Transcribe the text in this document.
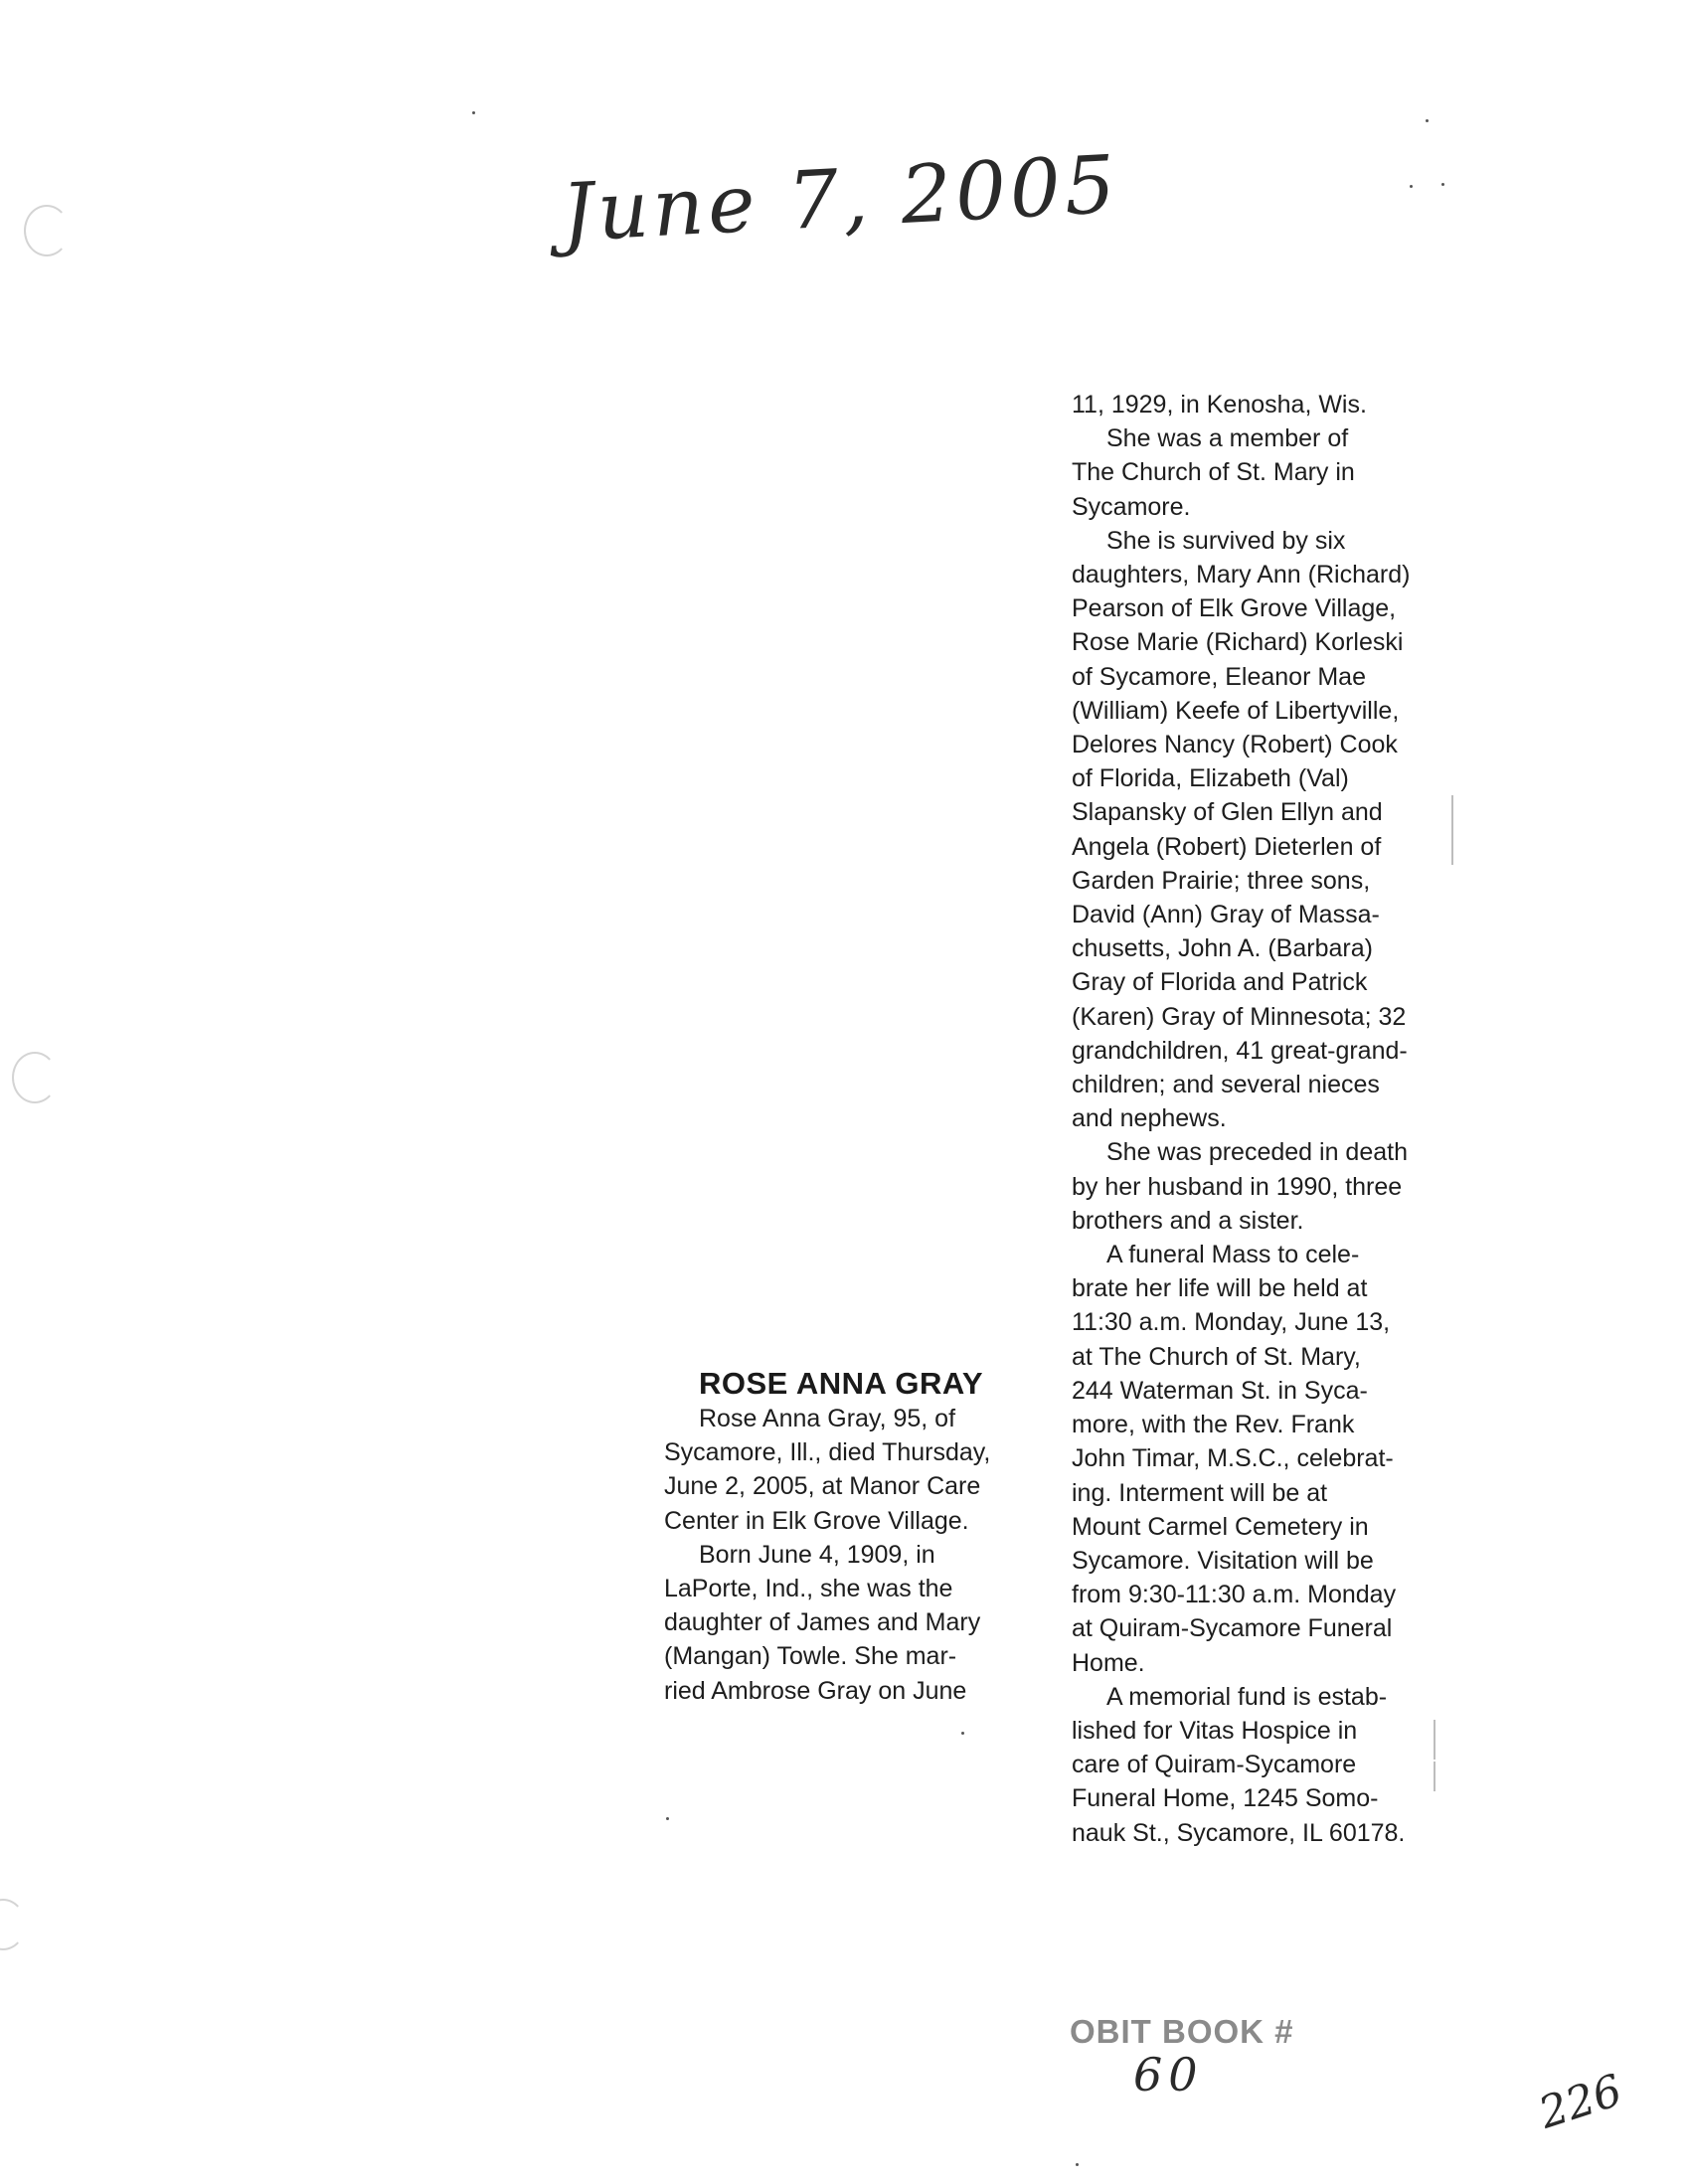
June 7, 2005
ROSE ANNA GRAY

Rose Anna Gray, 95, of

Sycamore, Ill., died Thursday,

June 2, 2005, at Manor Care

Center in Elk Grove Village.

Born June 4, 1909, in

LaPorte, Ind., she was the

daughter of James and Mary

(Mangan) Towle. She mar-

ried Ambrose Gray on June

11, 1929, in Kenosha, Wis.

She was a member of

The Church of St. Mary in

Sycamore.

She is survived by six

daughters, Mary Ann (Richard)

Pearson of Elk Grove Village,

Rose Marie (Richard) Korleski

of Sycamore, Eleanor Mae

(William) Keefe of Libertyville,

Delores Nancy (Robert) Cook

of Florida, Elizabeth (Val)

Slapansky of Glen Ellyn and

Angela (Robert) Dieterlen of

Garden Prairie; three sons,

David (Ann) Gray of Massa-

chusetts, John A. (Barbara)

Gray of Florida and Patrick

(Karen) Gray of Minnesota; 32

grandchildren, 41 great-grand-

children; and several nieces

and nephews.

She was preceded in death

by her husband in 1990, three

brothers and a sister.

A funeral Mass to cele-

brate her life will be held at

11:30 a.m. Monday, June 13,

at The Church of St. Mary,

244 Waterman St. in Syca-

more, with the Rev. Frank

John Timar, M.S.C., celebrat-

ing. Interment will be at

Mount Carmel Cemetery in

Sycamore. Visitation will be

from 9:30-11:30 a.m. Monday

at Quiram-Sycamore Funeral

Home.

A memorial fund is estab-

lished for Vitas Hospice in

care of Quiram-Sycamore

Funeral Home, 1245 Somo-

nauk St., Sycamore, IL 60178.

OBIT BOOK #
60	226
